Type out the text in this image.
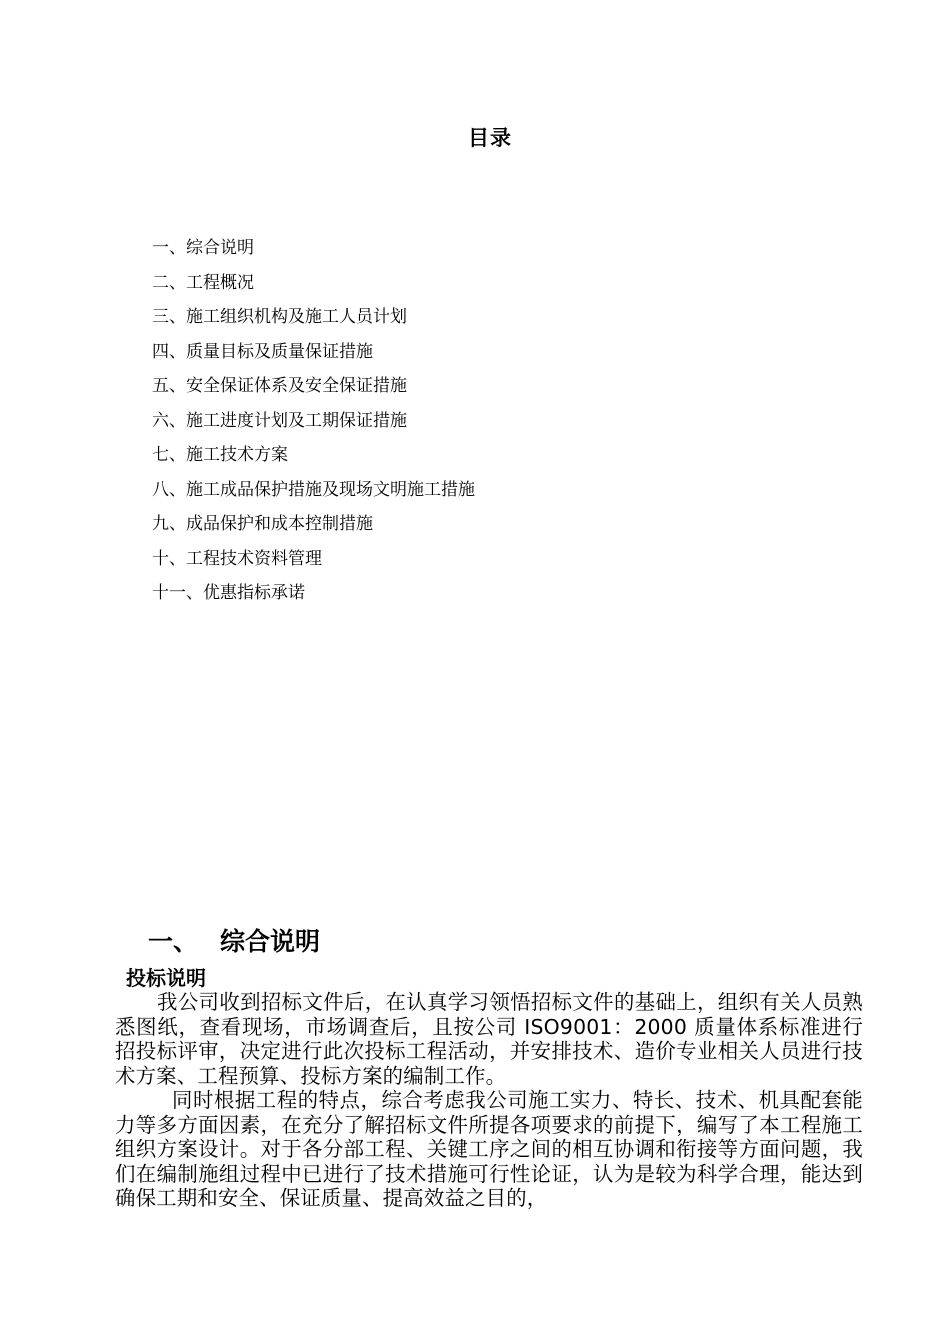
目录
一、综合说明
二、工程概况
三、施工组织机构及施工人员计划
四、质量目标及质量保证措施
五、安全保证体系及安全保证措施
六、施工进度计划及工期保证措施
七、施工技术方案
八、施工成品保护措施及现场文明施工措施
九、成品保护和成本控制措施
十、工程技术资料管理
十一、优惠指标承诺
一、 综合说明
投标说明

我公司收到招标文件后，在认真学习领悟招标文件的基础上，组织有关人员熟悉图纸，查看现场，市场调查后，且按公司 ISO9001：2000 质量体系标准进行招投标评审，决定进行此次投标工程活动，并安排技术、造价专业相关人员进行技术方案、工程预算、投标方案的编制工作。

同时根据工程的特点，综合考虑我公司施工实力、特长、技术、机具配套能力等多方面因素，在充分了解招标文件所提各项要求的前提下，编写了本工程施工组织方案设计。对于各分部工程、关键工序之间的相互协调和衔接等方面问题，我们在编制施组过程中已进行了技术措施可行性论证，认为是较为科学合理，能达到确保工期和安全、保证质量、提高效益之目的，
